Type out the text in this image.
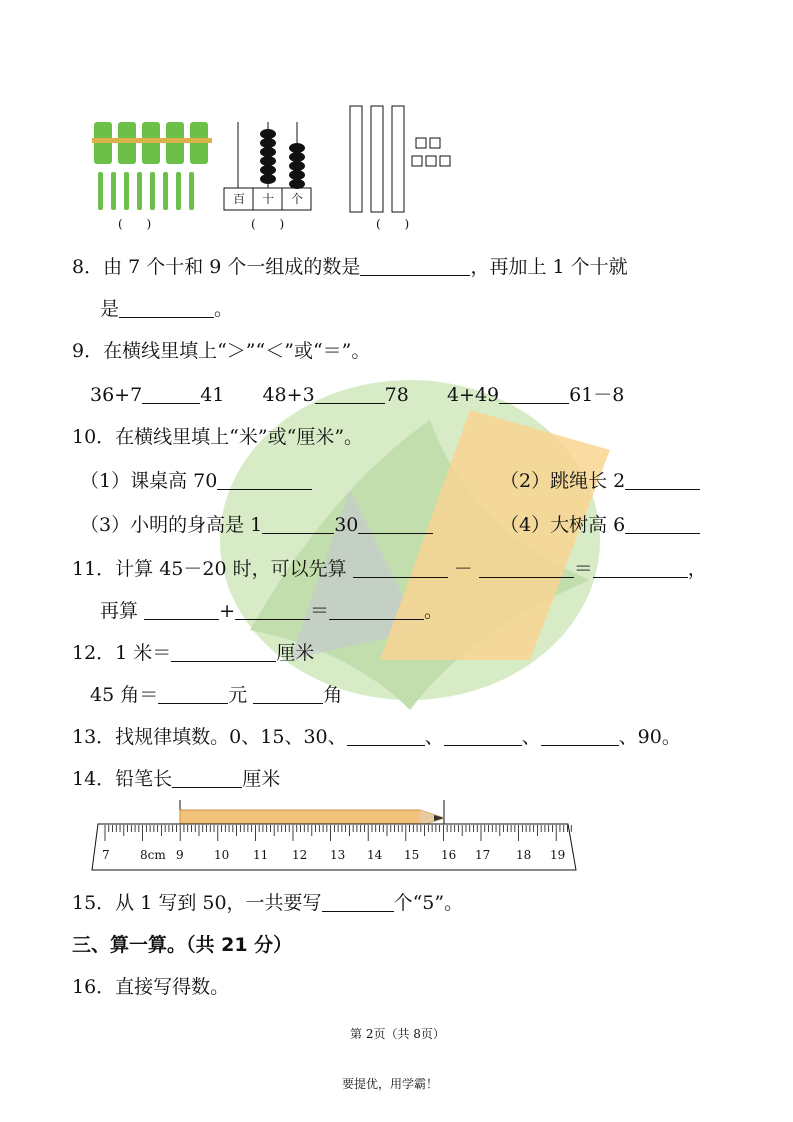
百 十 个
( )	( )	( )
8．由 7 个十和 9 个一组成的数是	，再加上 1 个十就
是	。
9．在横线里填上“＞”“＜”或“＝”。
36+7	41 48+3	78 4+49	61－8
10．在横线里填上“米”或“厘米”。
（1）课桌高 70	（2）跳绳长 2
（3）小明的身高是 1	30	（4）大树高 6
11．计算 45－20 时，可以先算	－	＝	，
再算	+	＝	。
12．1 米＝	厘米
45 角＝	元	角
13．找规律填数。0、15、30、	、	、	、90。
14．铅笔长	厘米
7	8cm 9	10 11 12 13 14 15 16 17 18 19
15．从 1 写到 50，一共要写	个“5”。
三、算一算。（共 21 分）
16．直接写得数。
第 2页（共 8页）
要提优，用学霸！
